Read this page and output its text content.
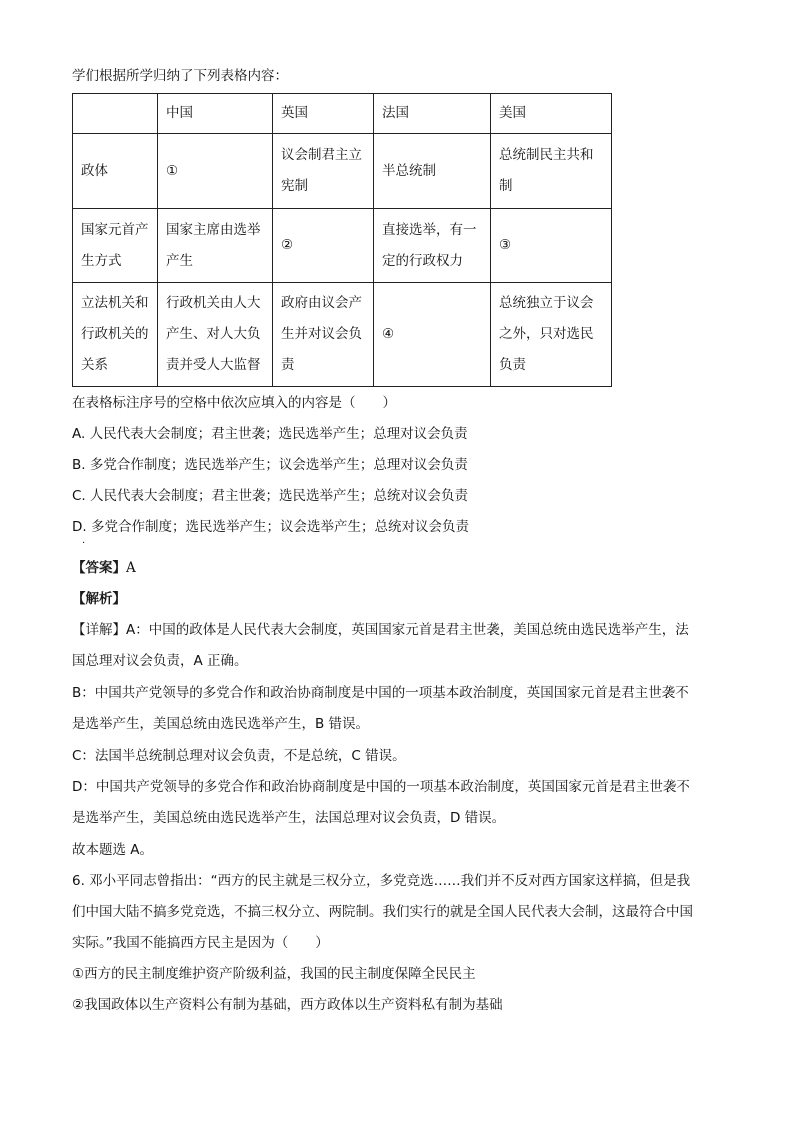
学们根据所学归纳了下列表格内容：
	中国	英国	法国	美国
政体	①	议会制君主立宪制	半总统制	总统制民主共和制
国家元首产生方式	国家主席由选举产生	②	直接选举，有一定的行政权力	③
立法机关和行政机关的关系	行政机关由人大产生、对人大负责并受人大监督	政府由议会产生并对议会负责	④	总统独立于议会之外，只对选民负责
在表格标注序号的空格中依次应填入的内容是（　　）
A. 人民代表大会制度；君主世袭；选民选举产生；总理对议会负责
B. 多党合作制度；选民选举产生；议会选举产生；总理对议会负责
C. 人民代表大会制度；君主世袭；选民选举产生；总统对议会负责
D. 多党合作制度；选民选举产生；议会选举产生；总统对议会负责
·
【答案】A
【解析】
【详解】A：中国的政体是人民代表大会制度，英国国家元首是君主世袭，美国总统由选民选举产生，法
国总理对议会负责，A 正确。
B：中国共产党领导的多党合作和政治协商制度是中国的一项基本政治制度，英国国家元首是君主世袭不
是选举产生，美国总统由选民选举产生，B 错误。
C：法国半总统制总理对议会负责，不是总统，C 错误。
D：中国共产党领导的多党合作和政治协商制度是中国的一项基本政治制度，英国国家元首是君主世袭不
是选举产生，美国总统由选民选举产生，法国总理对议会负责，D 错误。
故本题选 A。
6. 邓小平同志曾指出：“西方的民主就是三权分立，多党竞选……我们并不反对西方国家这样搞，但是我
们中国大陆不搞多党竞选，不搞三权分立、两院制。我们实行的就是全国人民代表大会制，这最符合中国
实际。”我国不能搞西方民主是因为（　　）
①西方的民主制度维护资产阶级利益，我国的民主制度保障全民民主
②我国政体以生产资料公有制为基础，西方政体以生产资料私有制为基础
